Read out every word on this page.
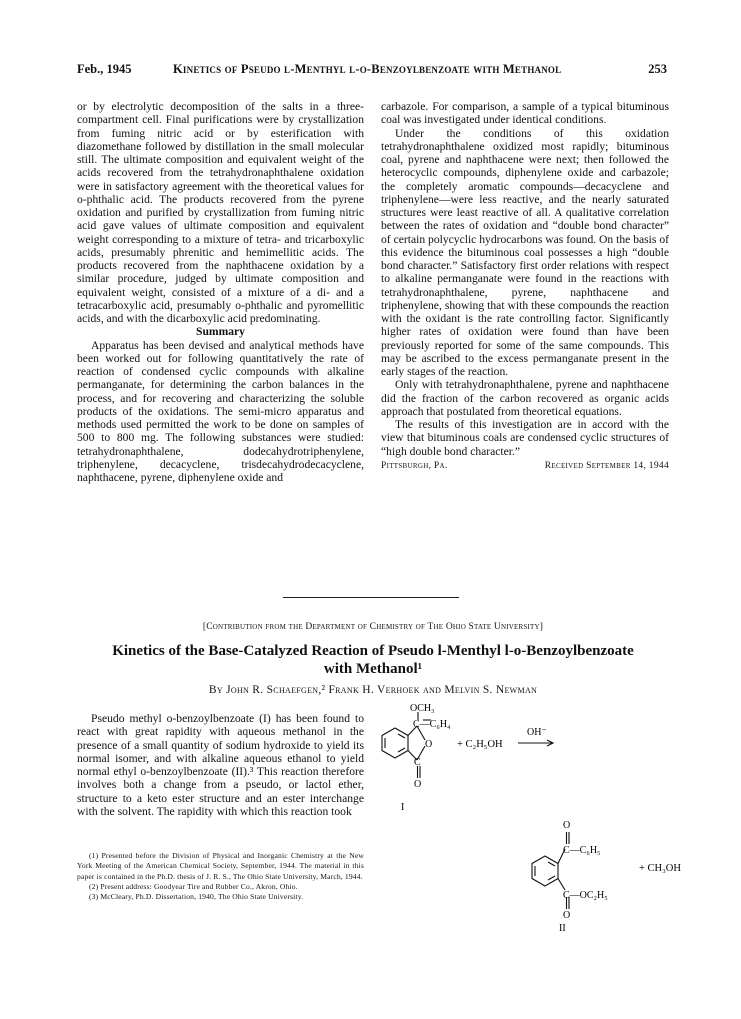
Feb., 1945	Kinetics of Pseudo l-Menthyl l-o-Benzoylbenzoate with Methanol	253

or by electrolytic decomposition of the salts in a three-compartment cell. Final purifications were by crystallization from fuming nitric acid or by esterification with diazomethane followed by distillation in the small molecular still. The ultimate composition and equivalent weight of the acids recovered from the tetrahydronaphthalene oxidation were in satisfactory agreement with the theoretical values for o-phthalic acid. The products recovered from the pyrene oxidation and purified by crystallization from fuming nitric acid gave values of ultimate composition and equivalent weight corresponding to a mixture of tetra- and tricarboxylic acids, presumably phrenitic and hemimellitic acids. The products recovered from the naphthacene oxidation by a similar procedure, judged by ultimate composition and equivalent weight, consisted of a mixture of a di- and a tetracarboxylic acid, presumably o-phthalic and pyromellitic acids, and with the dicarboxylic acid predominating.

Summary

Apparatus has been devised and analytical methods have been worked out for following quantitatively the rate of reaction of condensed cyclic compounds with alkaline permanganate, for determining the carbon balances in the process, and for recovering and characterizing the soluble products of the oxidations. The semi-micro apparatus and methods used permitted the work to be done on samples of 500 to 800 mg. The following substances were studied: tetrahydronaphthalene, dodecahydrotriphenylene, triphenylene, decacyclene, trisdecahydrodecacyclene, naphthacene, pyrene, diphenylene oxide and

carbazole. For comparison, a sample of a typical bituminous coal was investigated under identical conditions.

Under the conditions of this oxidation tetrahydronaphthalene oxidized most rapidly; bituminous coal, pyrene and naphthacene were next; then followed the heterocyclic compounds, diphenylene oxide and carbazole; the completely aromatic compounds—decacyclene and triphenylene—were less reactive, and the nearly saturated structures were least reactive of all. A qualitative correlation between the rates of oxidation and “double bond character” of certain polycyclic hydrocarbons was found. On the basis of this evidence the bituminous coal possesses a high “double bond character.” Satisfactory first order relations with respect to alkaline permanganate were found in the reactions with tetrahydronaphthalene, pyrene, naphthacene and triphenylene, showing that with these compounds the reaction with the oxidant is the rate controlling factor. Significantly higher rates of oxidation were found than have been previously reported for some of the same compounds. This may be ascribed to the excess permanganate present in the early stages of the reaction.

Only with tetrahydronaphthalene, pyrene and naphthacene did the fraction of the carbon recovered as organic acids approach that postulated from theoretical equations.

The results of this investigation are in accord with the view that bituminous coals are condensed cyclic structures of “high double bond character.”

Pittsburgh, Pa.	Received September 14, 1944
[Contribution from the Department of Chemistry of The Ohio State University]
Kinetics of the Base-Catalyzed Reaction of Pseudo l-Menthyl l-o-Benzoylbenzoate
with Methanol¹
By John R. Schaefgen,² Frank H. Verhoek and Melvin S. Newman

Pseudo methyl o-benzoylbenzoate (I) has been found to react with great rapidity with aqueous methanol in the presence of a small quantity of sodium hydroxide to yield its normal isomer, and with alkaline aqueous ethanol to yield normal ethyl o-benzoylbenzoate (II).³ This reaction therefore involves both a change from a pseudo, or lactol ether, structure to a keto ester structure and an ester interchange with the solvent. The rapidity with which this reaction took

(1) Presented before the Division of Physical and Inorganic Chemistry at the New York Meeting of the American Chemical Society, September, 1944. The material in this paper is contained in the Ph.D. thesis of J. R. S., The Ohio State University, March, 1944.

(2) Present address: Goodyear Tire and Rubber Co., Akron, Ohio.

(3) McCleary, Ph.D. Dissertation, 1940, The Ohio State University.

OCH₃
C—C₆H₄
O
C
O
I
+ C₂H₅OH
OH⁻
O
C—C₆H₅
C—OC₂H₅
O
II
+ CH₃OH
